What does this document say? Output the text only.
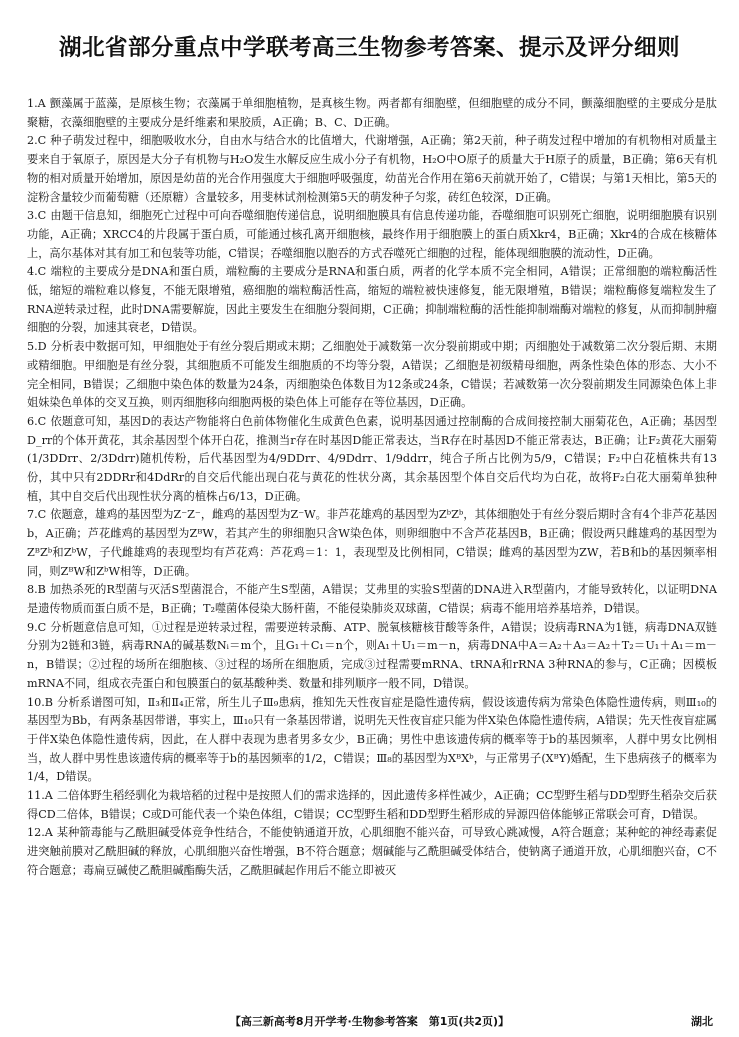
湖北省部分重点中学联考高三生物参考答案、提示及评分细则

1.A 颤藻属于蓝藻，是原核生物；衣藻属于单细胞植物，是真核生物。两者都有细胞壁，但细胞壁的成分不同，颤藻细胞壁的主要成分是肽聚糖，衣藻细胞壁的主要成分是纤维素和果胶质，A正确；B、C、D正确。

2.C 种子萌发过程中，细胞吸收水分，自由水与结合水的比值增大，代谢增强，A正确；第2天前，种子萌发过程中增加的有机物相对质量主要来自于氧原子，原因是大分子有机物与H₂O发生水解反应生成小分子有机物，H₂O中O原子的质量大于H原子的质量，B正确；第6天有机物的相对质量开始增加，原因是幼苗的光合作用强度大于细胞呼吸强度，幼苗光合作用在第6天前就开始了，C错误；与第1天相比，第5天的淀粉含量较少而葡萄糖（还原糖）含量较多，用斐林试剂检测第5天的萌发种子匀浆，砖红色较深，D正确。

3.C 由题干信息知，细胞死亡过程中可向吞噬细胞传递信息，说明细胞膜具有信息传递功能，吞噬细胞可识别死亡细胞，说明细胞膜有识别功能，A正确；XRCC4的片段属于蛋白质，可能通过核孔离开细胞核，最终作用于细胞膜上的蛋白质Xkr4，B正确；Xkr4的合成在核糖体上，高尔基体对其有加工和包装等功能，C错误；吞噬细胞以胞吞的方式吞噬死亡细胞的过程，能体现细胞膜的流动性，D正确。

4.C 端粒的主要成分是DNA和蛋白质，端粒酶的主要成分是RNA和蛋白质，两者的化学本质不完全相同，A错误；正常细胞的端粒酶活性低，缩短的端粒难以修复，不能无限增殖，癌细胞的端粒酶活性高，缩短的端粒被快速修复，能无限增殖，B错误；端粒酶修复端粒发生了RNA逆转录过程，此时DNA需要解旋，因此主要发生在细胞分裂间期，C正确；抑制端粒酶的活性能抑制端酶对端粒的修复，从而抑制肿瘤细胞的分裂，加速其衰老，D错误。

5.D 分析表中数据可知，甲细胞处于有丝分裂后期或末期；乙细胞处于减数第一次分裂前期或中期；丙细胞处于减数第二次分裂后期、末期或精细胞。甲细胞是有丝分裂，其细胞质不可能发生细胞质的不均等分裂，A错误；乙细胞是初级精母细胞，两条性染色体的形态、大小不完全相同，B错误；乙细胞中染色体的数量为24条，丙细胞染色体数目为12条或24条，C错误；若减数第一次分裂前期发生同源染色体上非姐妹染色单体的交叉互换，则丙细胞移向细胞两极的染色体上可能存在等位基因，D正确。

6.C 依题意可知，基因D的表达产物能将白色前体物催化生成黄色色素，说明基因通过控制酶的合成间接控制大丽菊花色，A正确；基因型D_rr的个体开黄花，其余基因型个体开白花，推测当r存在时基因D能正常表达，当R存在时基因D不能正常表达，B正确；让F₂黄花大丽菊(1/3DDrr、2/3Ddrr)随机传粉，后代基因型为4/9DDrr、4/9Ddrr、1/9ddrr，纯合子所占比例为5/9，C错误；F₂中白花植株共有13份，其中只有2DDRr和4DdRr的自交后代能出现白花与黄花的性状分离，其余基因型个体自交后代均为白花，故将F₂白花大丽菊单独种植，其中自交后代出现性状分离的植株占6/13，D正确。

7.C 依题意，雄鸡的基因型为Z⁻Z⁻，雌鸡的基因型为Z⁻W。非芦花雄鸡的基因型为ZᵇZᵇ，其体细胞处于有丝分裂后期时含有4个非芦花基因b，A正确；芦花雌鸡的基因型为ZᴮW，若其产生的卵细胞只含W染色体，则卵细胞中不含芦花基因B，B正确；假设两只雌雄鸡的基因型为ZᴮZᵇ和ZᵇW，子代雌雄鸡的表现型均有芦花鸡：芦花鸡＝1：1，表现型及比例相同，C错误；雌鸡的基因型为ZW，若B和b的基因频率相同，则ZᴮW和ZᵇW相等，D正确。

8.B 加热杀死的R型菌与灭活S型菌混合，不能产生S型菌，A错误；艾弗里的实验S型菌的DNA进入R型菌内，才能导致转化，以证明DNA是遗传物质而蛋白质不是，B正确；T₂噬菌体侵染大肠杆菌，不能侵染肺炎双球菌，C错误；病毒不能用培养基培养，D错误。

9.C 分析题意信息可知，①过程是逆转录过程，需要逆转录酶、ATP、脱氧核糖核苷酸等条件，A错误；设病毒RNA为1链，病毒DNA双链分别为2链和3链，病毒RNA的碱基数Nᵢ＝m个，且G₁＋C₁＝n个，则A₁＋U₁＝m－n，病毒DNA中A＝A₂＋A₃＝A₂＋T₂＝U₁＋A₁＝m－n，B错误；②过程的场所在细胞核、③过程的场所在细胞质，完成③过程需要mRNA、tRNA和rRNA 3种RNA的参与，C正确；因模板mRNA不同，组成衣壳蛋白和包膜蛋白的氨基酸种类、数量和排列顺序一般不同，D错误。

10.B 分析系谱图可知，Ⅱ₃和Ⅱ₄正常，所生儿子Ⅲ₉患病，推知先天性夜盲症是隐性遗传病，假设该遗传病为常染色体隐性遗传病，则Ⅲ₁₀的基因型为Bb，有两条基因带谱，事实上，Ⅲ₁₀只有一条基因带谱，说明先天性夜盲症只能为伴X染色体隐性遗传病，A错误；先天性夜盲症属于伴X染色体隐性遗传病，因此，在人群中表现为患者男多女少，B正确；男性中患该遗传病的概率等于b的基因频率，人群中男女比例相当，故人群中男性患该遗传病的概率等于b的基因频率的1/2，C错误；Ⅲ₈的基因型为XᴮXᵇ，与正常男子(XᴮY)婚配，生下患病孩子的概率为1/4，D错误。

11.A 二倍体野生稻经驯化为栽培稻的过程中是按照人们的需求选择的，因此遗传多样性减少，A正确；CC型野生稻与DD型野生稻杂交后获得CD二倍体，B错误；C或D可能代表一个染色体组，C错误；CC型野生稻和DD型野生稻形成的异源四倍体能够正常联会可育，D错误。

12.A 某种箭毒能与乙酰胆碱受体竞争性结合，不能使钠通道开放，心肌细胞不能兴奋，可导致心跳减慢，A符合题意；某种蛇的神经毒素促进突触前膜对乙酰胆碱的释放，心肌细胞兴奋性增强，B不符合题意；烟碱能与乙酰胆碱受体结合，使钠离子通道开放，心肌细胞兴奋，C不符合题意；毒扁豆碱使乙酰胆碱酯酶失活，乙酰胆碱起作用后不能立即被灭

【高三新高考8月开学考·生物参考答案　第1页(共2页)】	湖北
